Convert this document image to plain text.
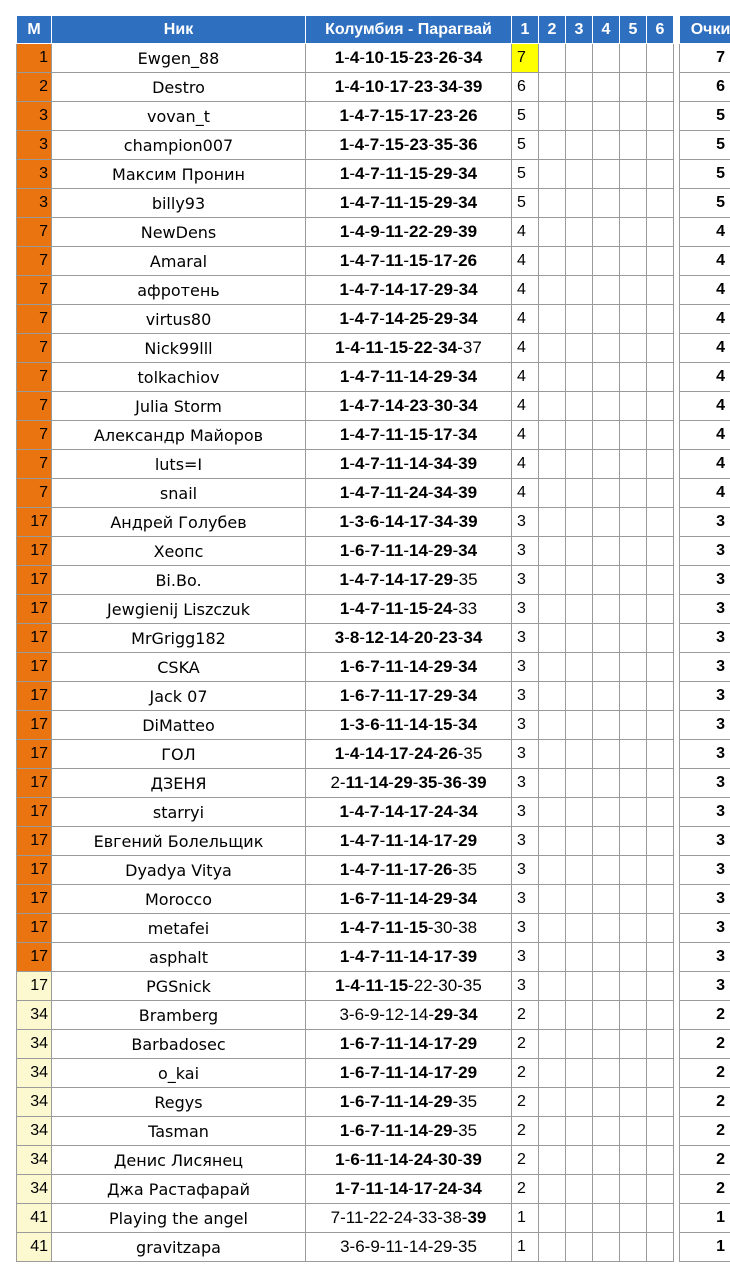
М	Ник	Колумбия - Парагвай	1	2	3	4	5	6		Очки
1	Ewgen_88	1-4-10-15-23-26-34	7							7
2	Destro	1-4-10-17-23-34-39	6							6
3	vovan_t	1-4-7-15-17-23-26	5							5
3	champion007	1-4-7-15-23-35-36	5							5
3	Максим Пронин	1-4-7-11-15-29-34	5							5
3	billy93	1-4-7-11-15-29-34	5							5
7	NewDens	1-4-9-11-22-29-39	4							4
7	Amaral	1-4-7-11-15-17-26	4							4
7	афротень	1-4-7-14-17-29-34	4							4
7	virtus80	1-4-7-14-25-29-34	4							4
7	Nick99lll	1-4-11-15-22-34-37	4							4
7	tolkachiov	1-4-7-11-14-29-34	4							4
7	Julia Storm	1-4-7-14-23-30-34	4							4
7	Александр Майоров	1-4-7-11-15-17-34	4							4
7	luts=I	1-4-7-11-14-34-39	4							4
7	snail	1-4-7-11-24-34-39	4							4
17	Андрей Голубев	1-3-6-14-17-34-39	3							3
17	Хеопс	1-6-7-11-14-29-34	3							3
17	Bi.Bo.	1-4-7-14-17-29-35	3							3
17	Jewgienij Liszczuk	1-4-7-11-15-24-33	3							3
17	MrGrigg182	3-8-12-14-20-23-34	3							3
17	CSKA	1-6-7-11-14-29-34	3							3
17	Jack 07	1-6-7-11-17-29-34	3							3
17	DiMatteo	1-3-6-11-14-15-34	3							3
17	ГОЛ	1-4-14-17-24-26-35	3							3
17	ДЗЕНЯ	2-11-14-29-35-36-39	3							3
17	starryi	1-4-7-14-17-24-34	3							3
17	Евгений Болельщик	1-4-7-11-14-17-29	3							3
17	Dyadya Vitya	1-4-7-11-17-26-35	3							3
17	Morocco	1-6-7-11-14-29-34	3							3
17	metafei	1-4-7-11-15-30-38	3							3
17	asphalt	1-4-7-11-14-17-39	3							3
17	PGSnick	1-4-11-15-22-30-35	3							3
34	Bramberg	3-6-9-12-14-29-34	2							2
34	Barbadosec	1-6-7-11-14-17-29	2							2
34	o_kai	1-6-7-11-14-17-29	2							2
34	Regys	1-6-7-11-14-29-35	2							2
34	Tasman	1-6-7-11-14-29-35	2							2
34	Денис Лисянец	1-6-11-14-24-30-39	2							2
34	Джа Растафарай	1-7-11-14-17-24-34	2							2
41	Playing the angel	7-11-22-24-33-38-39	1							1
41	gravitzapa	3-6-9-11-14-29-35	1							1
